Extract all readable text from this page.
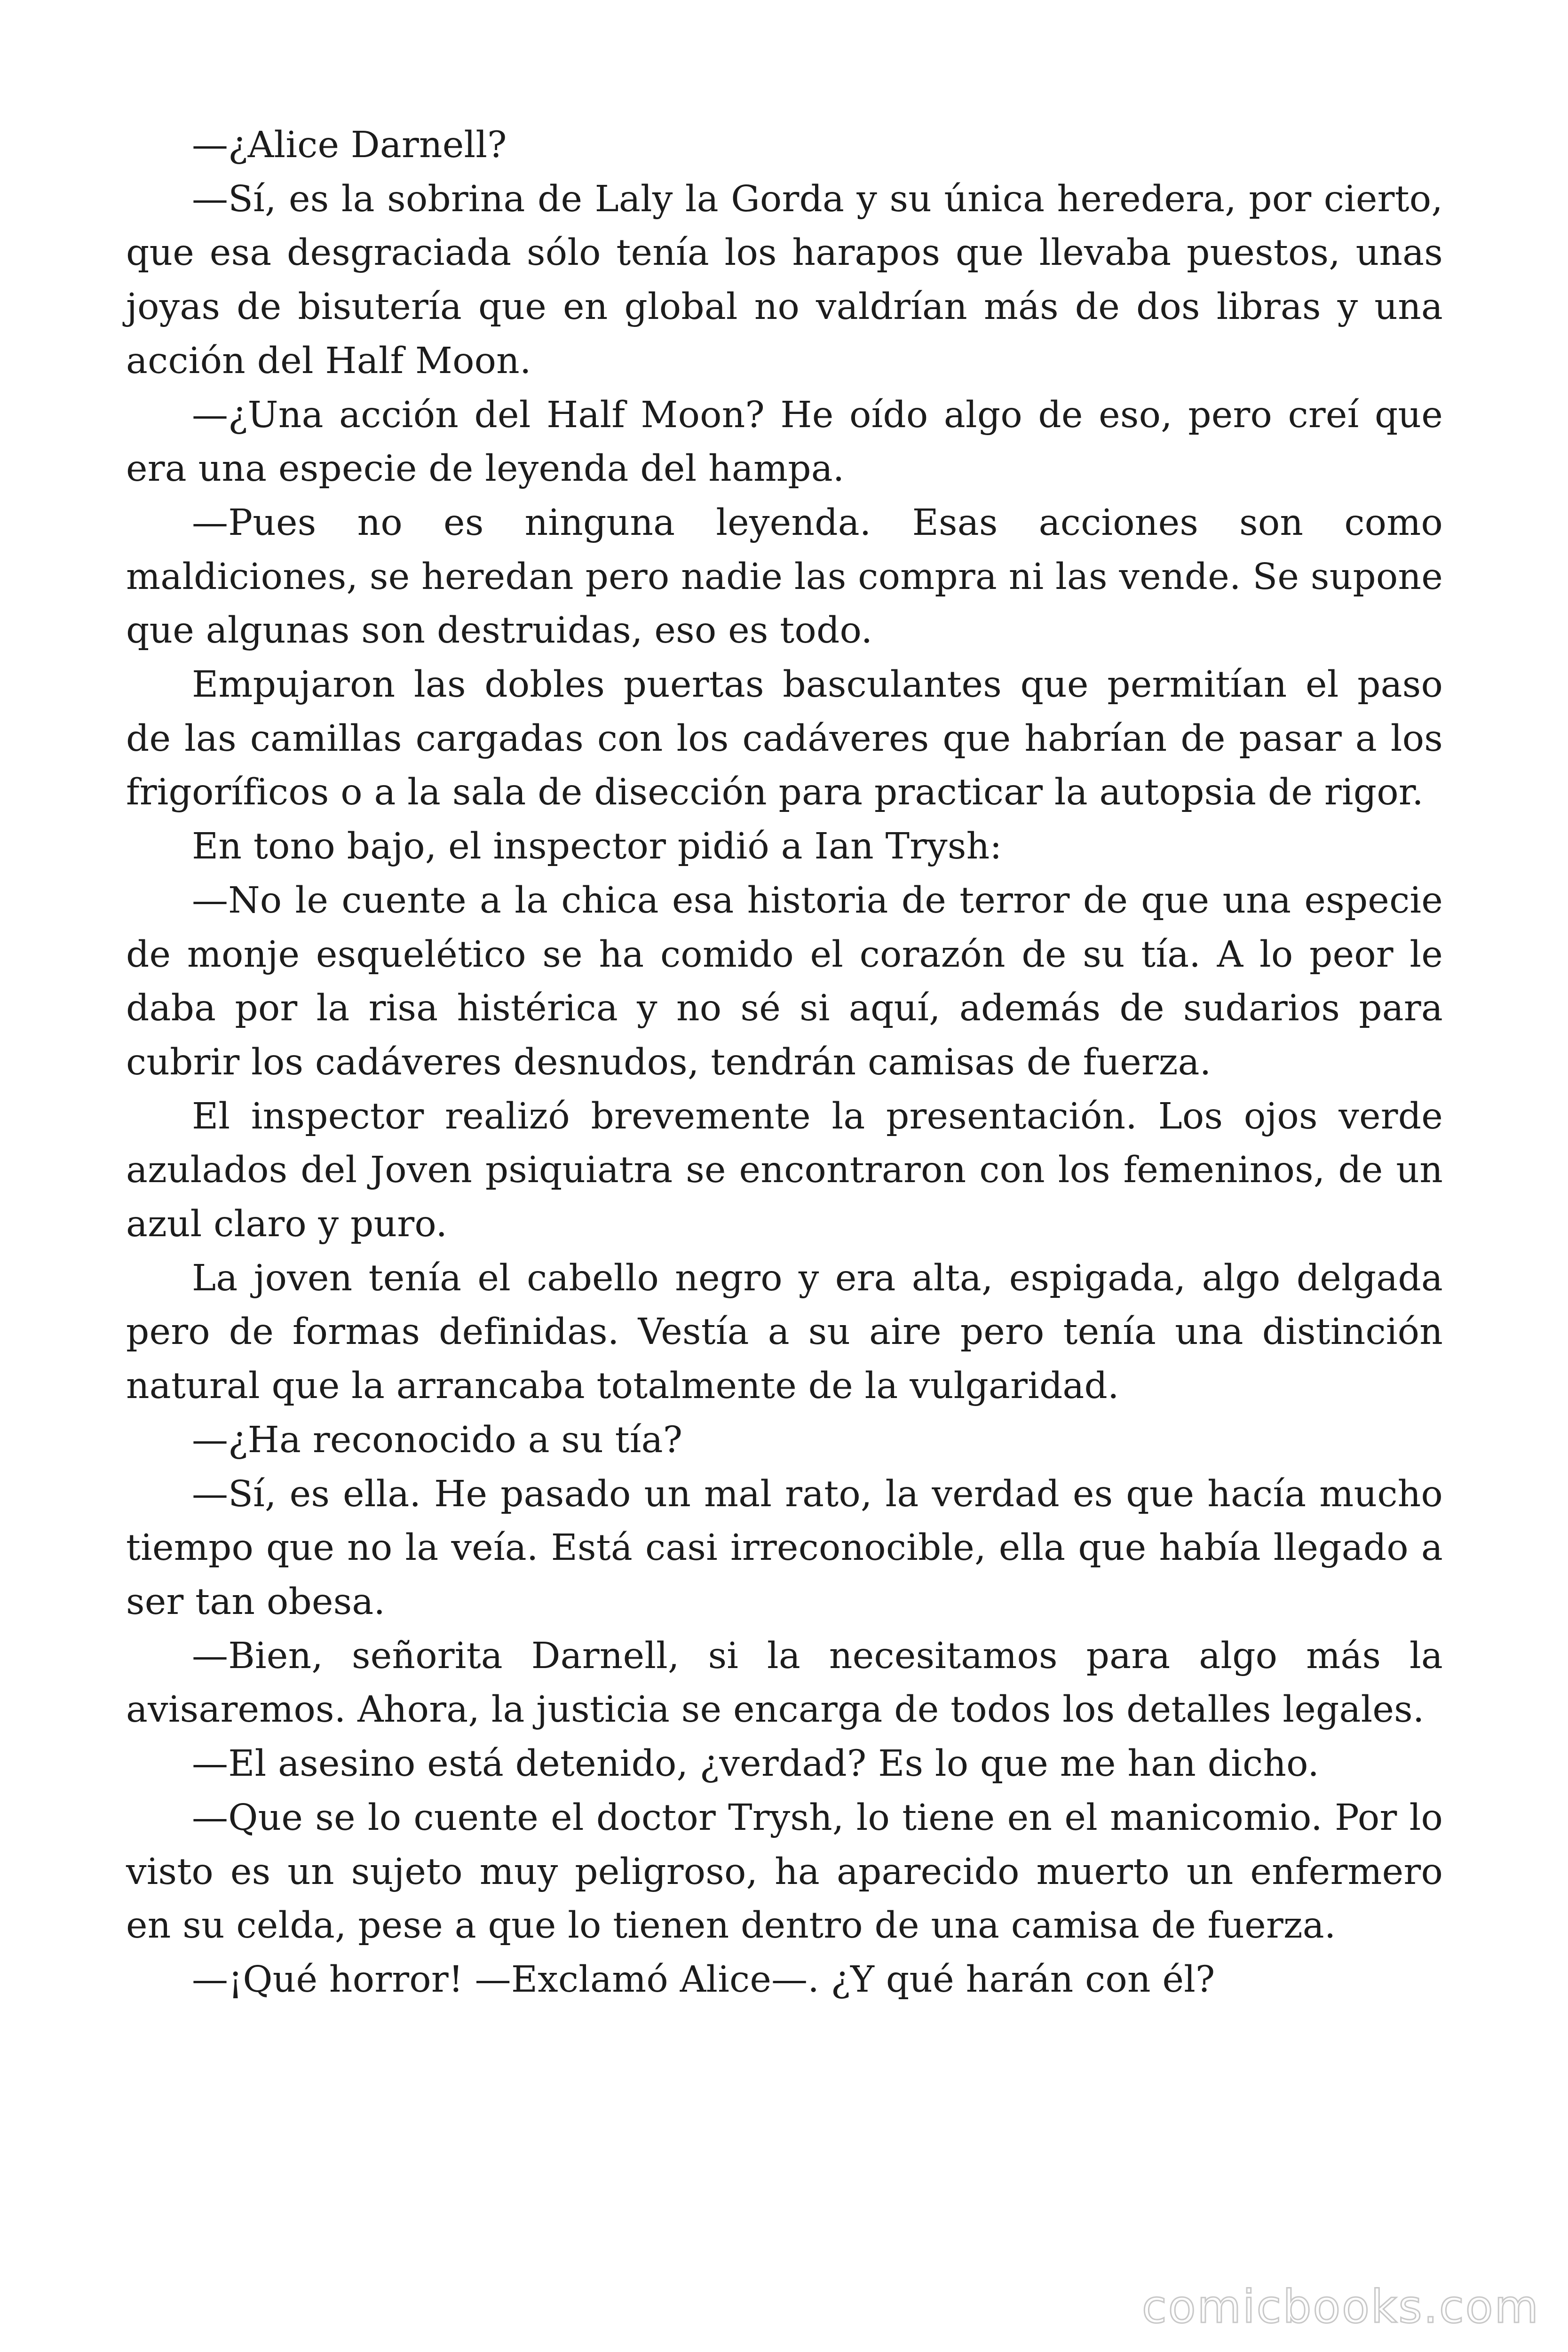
—¿Alice Darnell?

—Sí, es la sobrina de Laly la Gorda y su única heredera, por cierto, que esa desgraciada sólo tenía los harapos que llevaba puestos, unas joyas de bisutería que en global no valdrían más de dos libras y una acción del Half Moon.

—¿Una acción del Half Moon? He oído algo de eso, pero creí que era una especie de leyenda del hampa.

—Pues no es ninguna leyenda. Esas acciones son como maldiciones, se heredan pero nadie las compra ni las vende. Se supone que algunas son destruidas, eso es todo.

Empujaron las dobles puertas basculantes que permitían el paso de las camillas cargadas con los cadáveres que habrían de pasar a los frigoríficos o a la sala de disección para practicar la autopsia de rigor.

En tono bajo, el inspector pidió a Ian Trysh:

—No le cuente a la chica esa historia de terror de que una especie de monje esquelético se ha comido el corazón de su tía. A lo peor le daba por la risa histérica y no sé si aquí, además de sudarios para cubrir los cadáveres desnudos, tendrán camisas de fuerza.

El inspector realizó brevemente la presentación. Los ojos verde azulados del Joven psiquiatra se encontraron con los femeninos, de un azul claro y puro.

La joven tenía el cabello negro y era alta, espigada, algo delgada pero de formas definidas. Vestía a su aire pero tenía una distinción natural que la arrancaba totalmente de la vulgaridad.

—¿Ha reconocido a su tía?

—Sí, es ella. He pasado un mal rato, la verdad es que hacía mucho tiempo que no la veía. Está casi irreconocible, ella que había llegado a ser tan obesa.

—Bien, señorita Darnell, si la necesitamos para algo más la avisaremos. Ahora, la justicia se encarga de todos los detalles legales.

—El asesino está detenido, ¿verdad? Es lo que me han dicho.

—Que se lo cuente el doctor Trysh, lo tiene en el manicomio. Por lo visto es un sujeto muy peligroso, ha aparecido muerto un enfermero en su celda, pese a que lo tienen dentro de una camisa de fuerza.

—¡Qué horror! —Exclamó Alice—. ¿Y qué harán con él?

comicbooks.com
